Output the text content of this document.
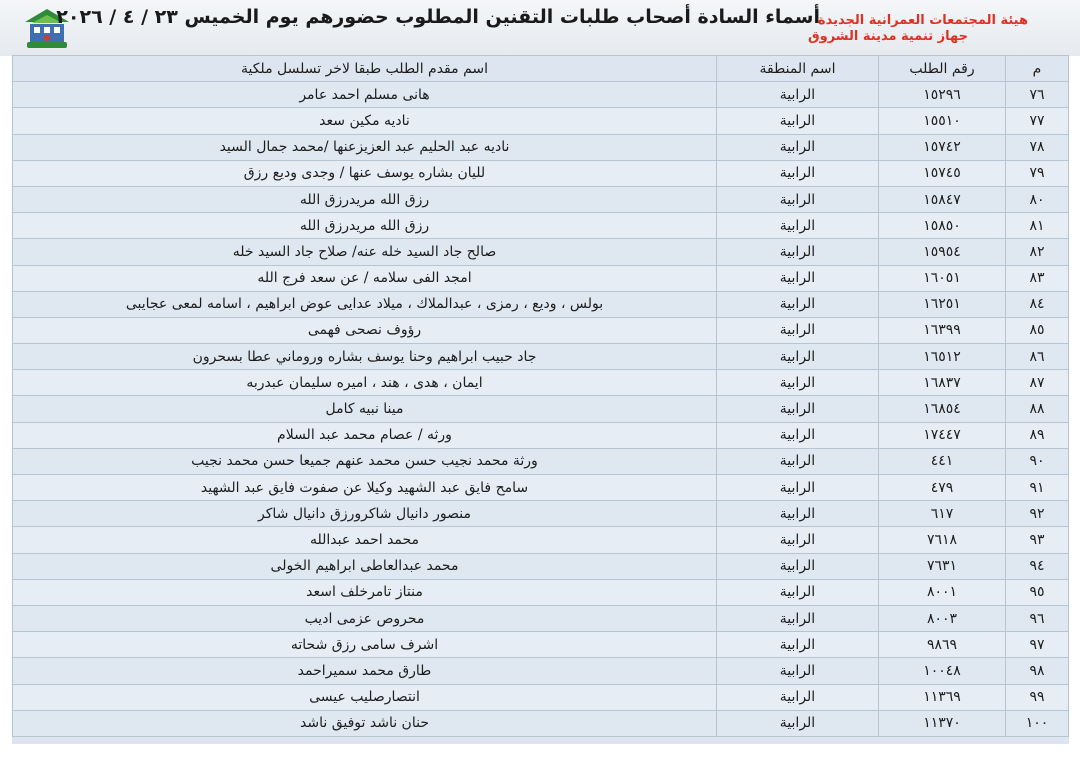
أسماء السادة أصحاب طلبات التقنين المطلوب حضورهم يوم الخميس ٢٣ / ٤ / ٢٠٢٦
هيئة المجتمعات العمرانية الجديدة
جهاز تنمية مدينة الشروق
م	رقم الطلب	اسم المنطقة	اسم مقدم الطلب طبقا لاخر تسلسل ملكية
٧٦	١٥٢٩٦	الرابية	هانى مسلم احمد عامر
٧٧	١٥٥١٠	الرابية	ناديه مكين سعد
٧٨	١٥٧٤٢	الرابية	ناديه عبد الحليم عبد العزيزعنها /محمد جمال السيد
٧٩	١٥٧٤٥	الرابية	لليان بشاره يوسف عنها / وجدى وديع رزق
٨٠	١٥٨٤٧	الرابية	رزق الله مريدرزق الله
٨١	١٥٨٥٠	الرابية	رزق الله مريدرزق الله
٨٢	١٥٩٥٤	الرابية	صالح جاد السيد خله عنه/ صلاح جاد السيد خله
٨٣	١٦٠٥١	الرابية	امجد الفى سلامه / عن سعد فرج الله
٨٤	١٦٢٥١	الرابية	بولس ، وديع ، رمزى ، عبدالملاك ، ميلاد عدايى عوض ابراهيم ، اسامه لمعى عجايبى
٨٥	١٦٣٩٩	الرابية	رؤوف نصحى فهمى
٨٦	١٦٥١٢	الرابية	جاد حبيب ابراهيم وحنا يوسف بشاره وروماني عطا بسحرون
٨٧	١٦٨٣٧	الرابية	ايمان ، هدى ، هند ، اميره سليمان عبدربه
٨٨	١٦٨٥٤	الرابية	مينا نبيه كامل
٨٩	١٧٤٤٧	الرابية	ورثه / عصام محمد عبد السلام
٩٠	٤٤١	الرابية	ورثة محمد نجيب حسن محمد عنهم جميعا حسن محمد نجيب
٩١	٤٧٩	الرابية	سامح فايق عبد الشهيد وكيلا عن صفوت فايق عبد الشهيد
٩٢	٦١٧	الرابية	منصور دانيال شاكرورزق دانيال شاكر
٩٣	٧٦١٨	الرابية	محمد احمد عبدالله
٩٤	٧٦٣١	الرابية	محمد عبدالعاطى ابراهيم الخولى
٩٥	٨٠٠١	الرابية	منتاز تامرخلف اسعد
٩٦	٨٠٠٣	الرابية	محروص عزمى اديب
٩٧	٩٨٦٩	الرابية	اشرف سامى رزق شحاته
٩٨	١٠٠٤٨	الرابية	طارق محمد سميراحمد
٩٩	١١٣٦٩	الرابية	انتصارصليب عيسى
١٠٠	١١٣٧٠	الرابية	حنان ناشد توفيق ناشد
